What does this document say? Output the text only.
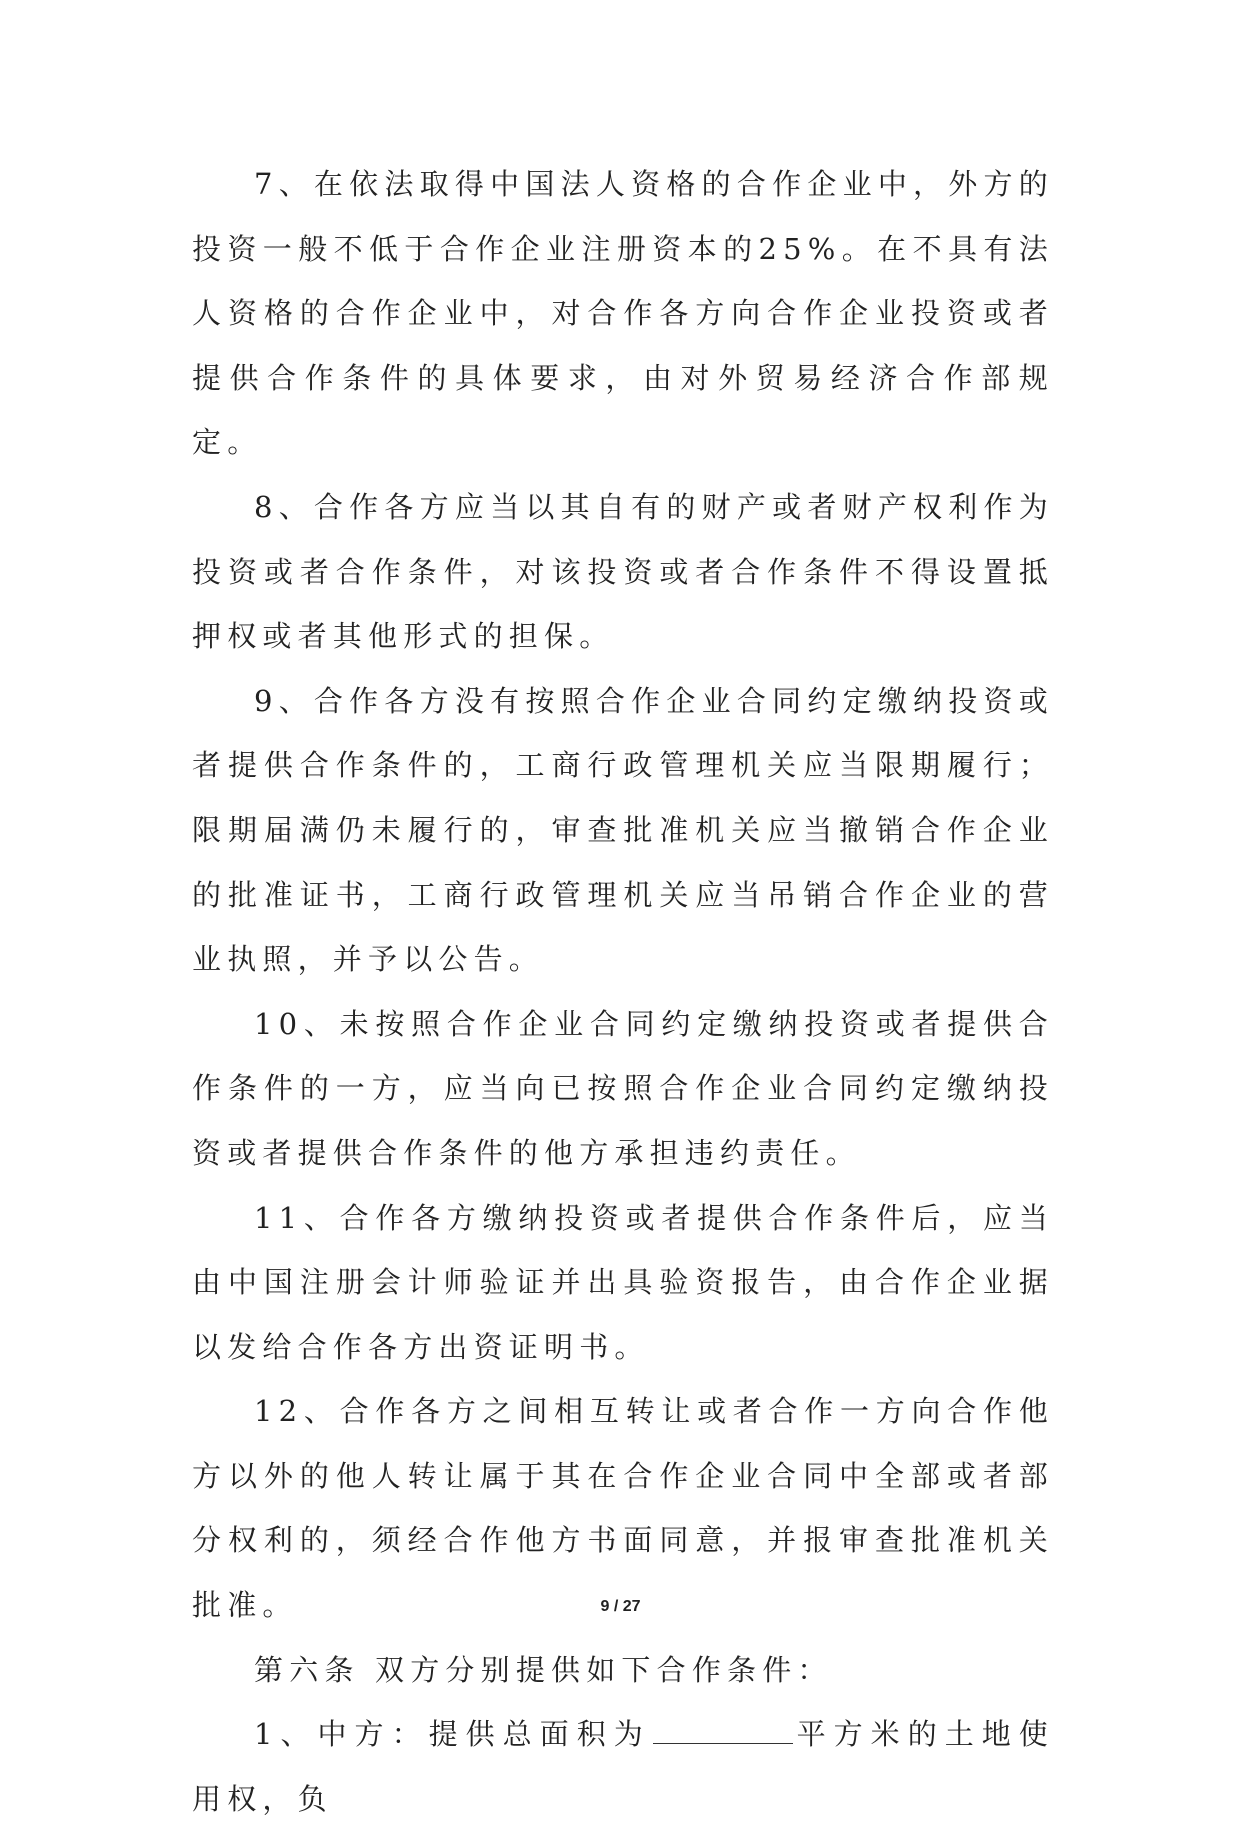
7、在依法取得中国法人资格的合作企业中，外方的投资一般不低于合作企业注册资本的25%。在不具有法人资格的合作企业中，对合作各方向合作企业投资或者提供合作条件的具体要求，由对外贸易经济合作部规定。

8、合作各方应当以其自有的财产或者财产权利作为投资或者合作条件，对该投资或者合作条件不得设置抵押权或者其他形式的担保。

9、合作各方没有按照合作企业合同约定缴纳投资或者提供合作条件的，工商行政管理机关应当限期履行；限期届满仍未履行的，审查批准机关应当撤销合作企业的批准证书，工商行政管理机关应当吊销合作企业的营业执照，并予以公告。

10、未按照合作企业合同约定缴纳投资或者提供合作条件的一方，应当向已按照合作企业合同约定缴纳投资或者提供合作条件的他方承担违约责任。

11、合作各方缴纳投资或者提供合作条件后，应当由中国注册会计师验证并出具验资报告，由合作企业据以发给合作各方出资证明书。

12、合作各方之间相互转让或者合作一方向合作他方以外的他人转让属于其在合作企业合同中全部或者部分权利的，须经合作他方书面同意，并报审查批准机关批准。

第六条 双方分别提供如下合作条件：

1、中方：提供总面积为	平方米的土地使用权，负

9 / 27
